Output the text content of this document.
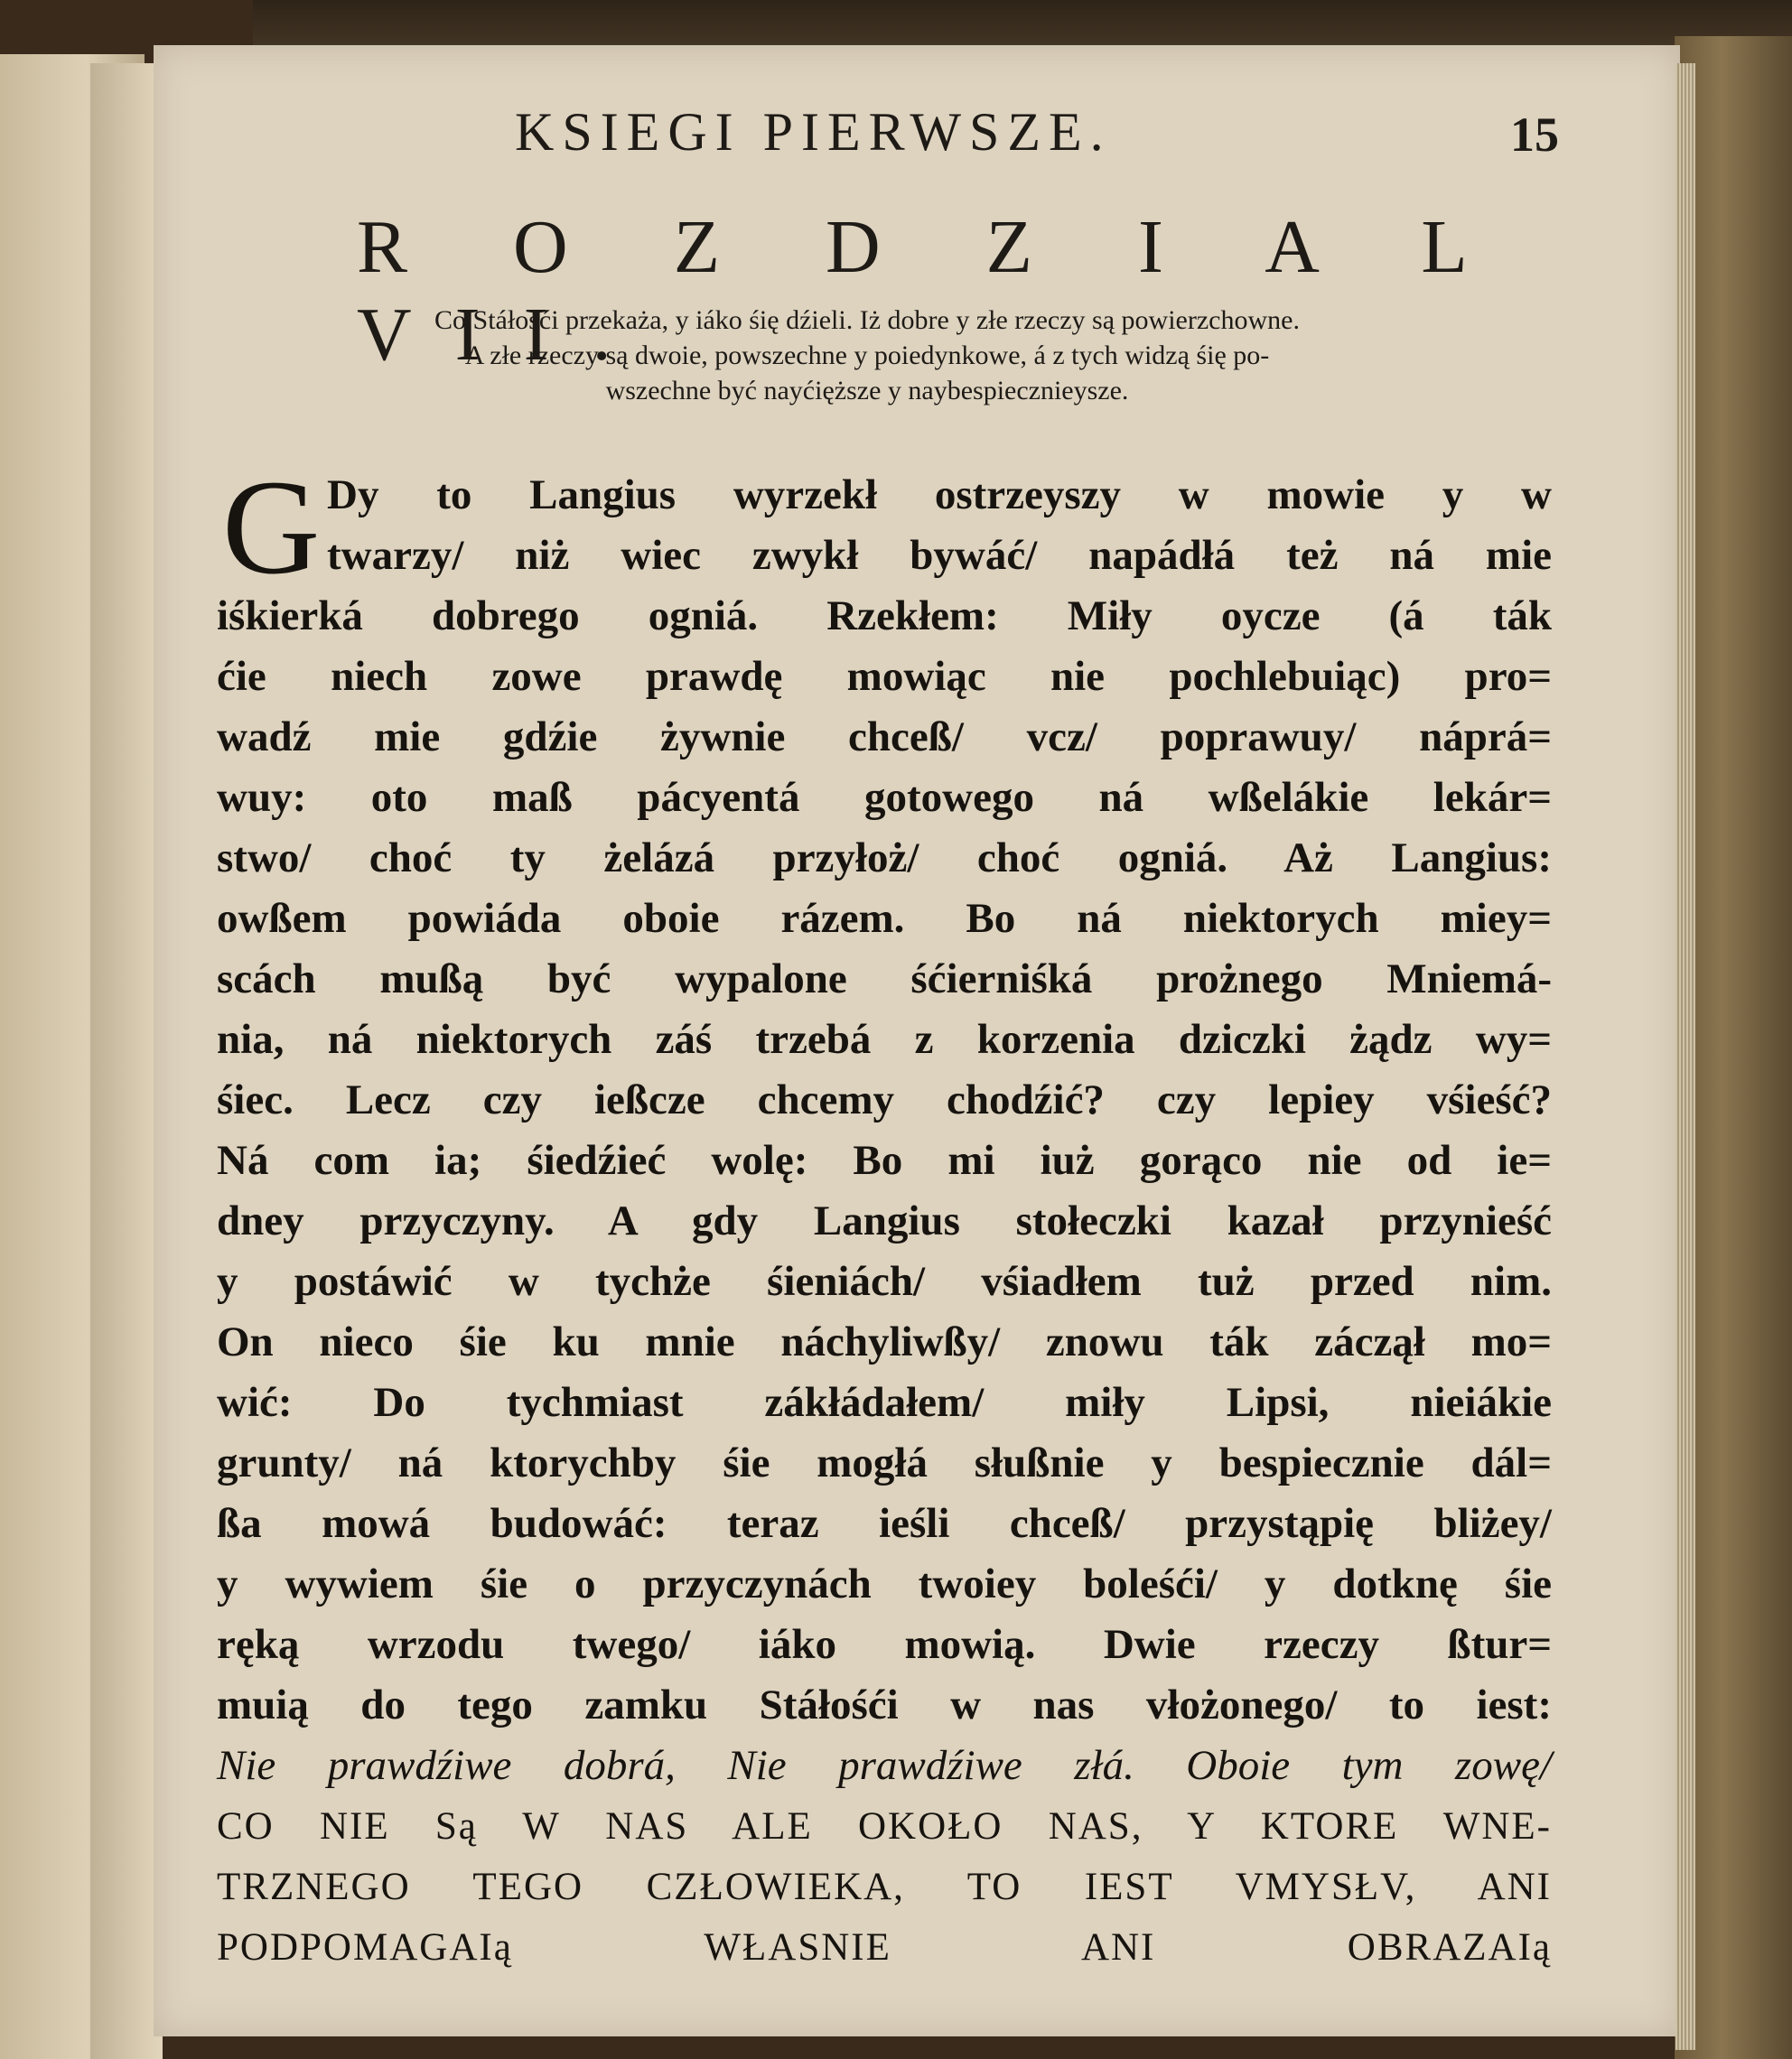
KSIEGI PIERWSZE.	15
R O Z D Z I A L VII.
Co Stáłośći przekaża, y iáko śię dźieli. Iż dobre y złe rzeczy są powierzchowne.
A złe rzeczy są dwoie, powszechne y poiedynkowe, á z tych widzą śię po-
wszechne być nayćięższe y naybespiecznieysze.
G Dy to Langius wyrzekł ostrzeyszy w mowie y w
twarzy/ niż wiec zwykł bywáć/ napádłá też ná mie
iśkierká dobrego ogniá. Rzekłem: Miły oycze (á ták
ćie niech zowe prawdę mowiąc nie pochlebuiąc) pro=
wadź mie gdźie żywnie chceß/ vcz/ poprawuy/ náprá=
wuy: oto maß pácyentá gotowego ná wßelákie lekár=
stwo/ choć ty żelázá przyłoż/ choć ogniá. Aż Langius:
owßem powiáda oboie rázem. Bo ná niektorych miey=
scách mußą być wypalone śćierniśká prożnego Mniemá-
nia, ná niektorych záś trzebá z korzenia dziczki żądz wy=
śiec. Lecz czy ießcze chcemy chodźić? czy lepiey vśieść?
Ná com ia; śiedźieć wolę: Bo mi iuż gorąco nie od ie=
dney przyczyny. A gdy Langius stołeczki kazał przynieść
y postáwić w tychże śieniách/ vśiadłem tuż przed nim.
On nieco śie ku mnie náchyliwßy/ znowu ták záczął mo=
wić: Do tychmiast zákłádałem/ miły Lipsi, nieiákie
grunty/ ná ktorychby śie mogłá słußnie y bespiecznie dál=
ßa mowá budowáć: teraz ieśli chceß/ przystąpię bliżey/
y wywiem śie o przyczynách twoiey boleśći/ y dotknę śie
ręką wrzodu twego/ iáko mowią. Dwie rzeczy ßtur=
muią do tego zamku Stáłośći w nas vłożonego/ to iest:
Nie prawdźiwe dobrá, Nie prawdźiwe złá. Oboie tym zowę/
CO NIE Są W NAS ALE OKOŁO NAS, Y KTORE WNE-
TRZNEGO TEGO CZŁOWIEKA, TO IEST VMYSŁV, ANI
PODPOMAGAIą WŁASNIE ANI OBRAZAIą
